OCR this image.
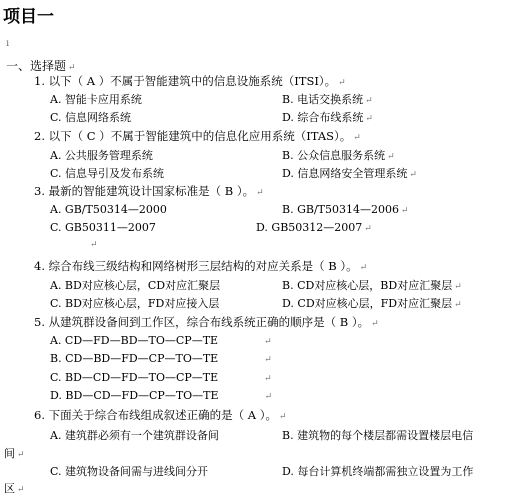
项目一
ı
一、选择题 ↵
1. 以下（ A ）不属于智能建筑中的信息设施系统（ITSI）。 ↵
A. 智能卡应用系统	B. 电话交换系统 ↵
C. 信息网络系统	D. 综合布线系统 ↵
2. 以下（ C ）不属于智能建筑中的信息化应用系统（ITAS）。 ↵
A. 公共服务管理系统	B. 公众信息服务系统 ↵
C. 信息导引及发布系统	D. 信息网络安全管理系统 ↵
3. 最新的智能建筑设计国家标准是（ B ）。 ↵
A. GB/T50314—2000	B. GB/T50314—2006 ↵
C. GB50311—2007	D. GB50312—2007 ↵
↵
4. 综合布线三级结构和网络树形三层结构的对应关系是（ B ）。 ↵
A. BD对应核心层，CD对应汇聚层	B. CD对应核心层，BD对应汇聚层 ↵
C. BD对应核心层，FD对应接入层	D. CD对应核心层，FD对应汇聚层 ↵
5. 从建筑群设备间到工作区，综合布线系统正确的顺序是（ B ）。 ↵
A. CD—FD—BD—TO—CP—TE	↵
B. CD—BD—FD—CP—TO—TE	↵
C. BD—CD—FD—TO—CP—TE	↵
D. BD—CD—FD—CP—TO—TE	↵
6. 下面关于综合布线组成叙述正确的是（ A ）。 ↵
A. 建筑群必须有一个建筑群设备间	B. 建筑物的每个楼层都需设置楼层电信
间 ↵
C. 建筑物设备间需与进线间分开	D. 每台计算机终端都需独立设置为工作
区 ↵
